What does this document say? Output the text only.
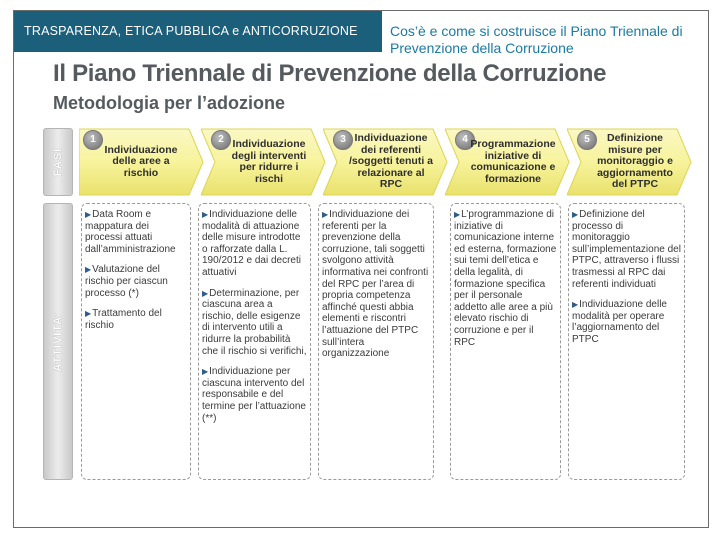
TRASPARENZA, ETICA PUBBLICA e ANTICORRUZIONE Cos’è e come si costruisce il Piano Triennale di Prevenzione della Corruzione
Il Piano Triennale di Prevenzione della Corruzione
Metodologia per l’adozione
FASI
ATTIVITA’
1
Individuazione delle aree a rischio
2 Individuazione degli interventi per ridurre i rischi
3 Individuazione dei referenti /soggetti tenuti a relazionare al RPC
4 Programmazione iniziative di comunicazione e formazione
5	Definizione misure per monitoraggio e aggiornamento del PTPC
▶Data Room e mappatura dei processi attuati dall’amministrazione
▶Valutazione del rischio per ciascun processo (*)
▶Trattamento del rischio
▶Individuazione delle modalità di attuazione delle misure introdotte o rafforzate dalla L. 190/2012 e dai decreti attuativi
▶Determinazione, per ciascuna area a rischio, delle esigenze di intervento utili a ridurre la probabilità che il rischio si verifichi,
▶Individuazione per ciascuna intervento del responsabile e del termine per l’attuazione (**)
▶Individuazione dei referenti per la prevenzione della corruzione, tali soggetti svolgono attività informativa nei confronti del RPC per l’area di propria competenza affinché questi abbia elementi e riscontri l’attuazione del PTPC sull’intera organizzazione
▶L’programmazione di iniziative di comunicazione interne ed esterna, formazione sui temi dell’etica e della legalità, di formazione specifica per il personale addetto alle aree a più elevato rischio di corruzione e per il RPC
▶Definizione del processo di monitoraggio sull’implementazione del PTPC, attraverso i flussi trasmessi al RPC dai referenti individuati
▶Individuazione delle modalità per operare l’aggiornamento del PTPC
